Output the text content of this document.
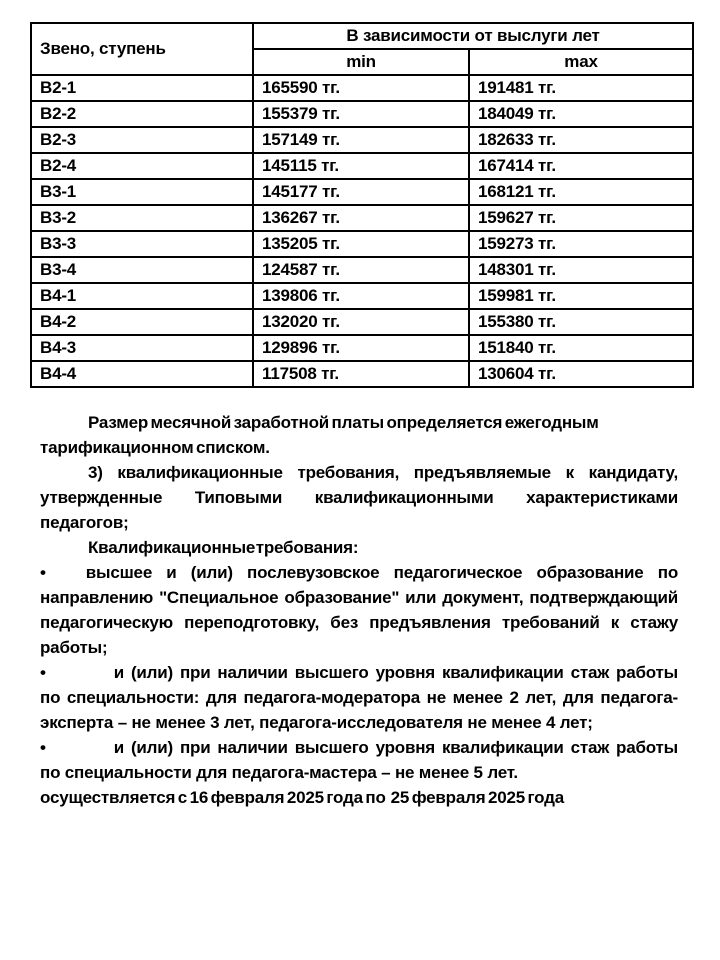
Звено, ступень	В зависимости от выслуги лет	
	min	max
В2-1	165590 тг.	191481 тг.
В2-2	155379 тг.	184049 тг.
В2-3	157149 тг.	182633 тг.
В2-4	145115 тг.	167414 тг.
В3-1	145177 тг.	168121 тг.
В3-2	136267 тг.	159627 тг.
В3-3	135205 тг.	159273 тг.
В3-4	124587 тг.	148301 тг.
В4-1	139806 тг.	159981 тг.
В4-2	132020 тг.	155380 тг.
В4-3	129896 тг.	151840 тг.
В4-4	117508 тг.	130604 тг.

Размер месячной заработной платы определяется ежегодным тарификационном списком.

3) квалификационные требования, предъявляемые к кандидату, утвержденные Типовыми квалификационными характеристиками педагогов;

Квалификационные требования:

• высшее и (или) послевузовское педагогическое образование по направлению "Специальное образование" или документ, подтверждающий педагогическую переподготовку, без предъявления требований к стажу работы;

•	и (или) при наличии высшего уровня квалификации стаж работы по специальности: для педагога-модератора не менее 2 лет, для педагога-эксперта – не менее 3 лет, педагога-исследователя не менее 4 лет;

•	и (или) при наличии высшего уровня квалификации стаж работы по специальности для педагога-мастера – не менее 5 лет.

осуществляется с 16 февраля 2025 года по  25 февраля 2025 года
